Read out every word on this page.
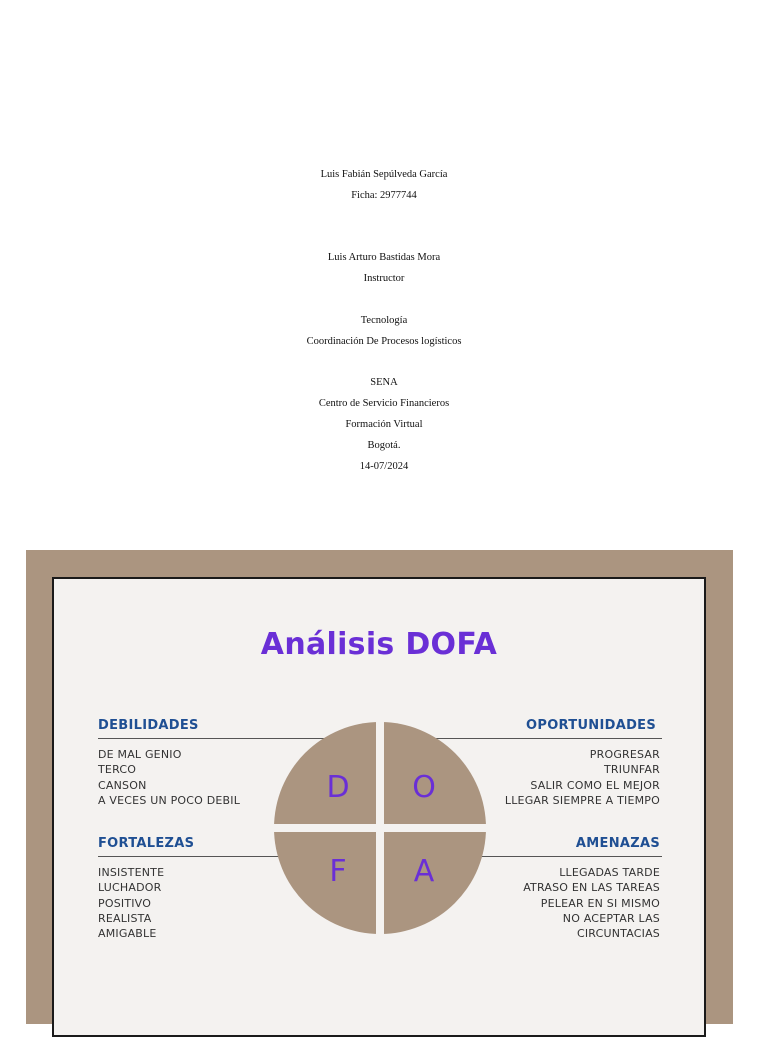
Luis Fabián Sepúlveda García
Ficha: 2977744
Luis Arturo Bastidas Mora
Instructor
Tecnología
Coordinación De Procesos logísticos
SENA
Centro de Servicio Financieros
Formación Virtual
Bogotá.
14-07/2024
Análisis DOFA
DEBILIDADES
DE MAL GENIO
TERCO
CANSON
A VECES UN POCO DEBIL
OPORTUNIDADES
PROGRESAR
TRIUNFAR
SALIR COMO EL MEJOR
LLEGAR SIEMPRE A TIEMPO
FORTALEZAS
INSISTENTE
LUCHADOR
POSITIVO
REALISTA
AMIGABLE
AMENAZAS
LLEGADAS TARDE
ATRASO EN LAS TAREAS
PELEAR EN SI MISMO
NO ACEPTAR LAS
CIRCUNTACIAS
D	O
F	A
